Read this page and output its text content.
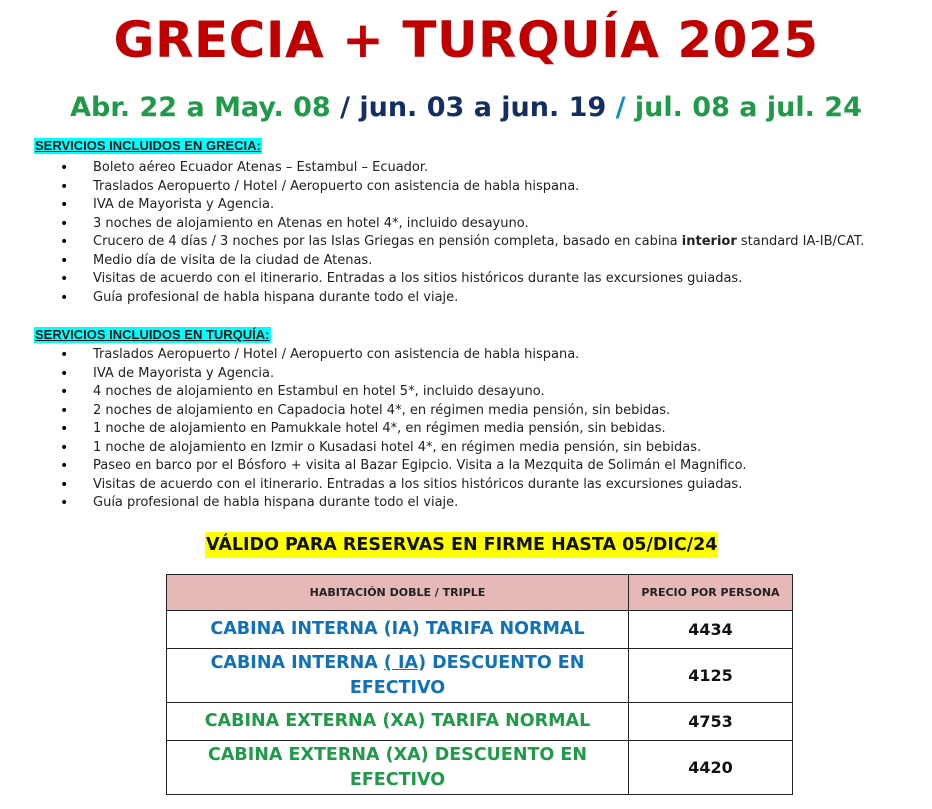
GRECIA + TURQUÍA 2025
Abr. 22 a May. 08 / jun. 03 a jun. 19 / jul. 08 a jul. 24
SERVICIOS INCLUIDOS EN GRECIA:
• Boleto aéreo Ecuador Atenas – Estambul – Ecuador.
• Traslados Aeropuerto / Hotel / Aeropuerto con asistencia de habla hispana.
• IVA de Mayorista y Agencia.
• 3 noches de alojamiento en Atenas en hotel 4*, incluido desayuno.
• Crucero de 4 días / 3 noches por las Islas Griegas en pensión completa, basado en cabina interior standard IA-IB/CAT.
• Medio día de visita de la ciudad de Atenas.
• Visitas de acuerdo con el itinerario. Entradas a los sitios históricos durante las excursiones guiadas.
• Guía profesional de habla hispana durante todo el viaje.
SERVICIOS INCLUIDOS EN TURQUÍA:
• Traslados Aeropuerto / Hotel / Aeropuerto con asistencia de habla hispana.
• IVA de Mayorista y Agencia.
• 4 noches de alojamiento en Estambul en hotel 5*, incluido desayuno.
• 2 noches de alojamiento en Capadocia hotel 4*, en régimen media pensión, sin bebidas.
• 1 noche de alojamiento en Pamukkale hotel 4*, en régimen media pensión, sin bebidas.
• 1 noche de alojamiento en Izmir o Kusadasi hotel 4*, en régimen media pensión, sin bebidas.
• Paseo en barco por el Bósforo + visita al Bazar Egipcio. Visita a la Mezquita de Solimán el Magnifico.
• Visitas de acuerdo con el itinerario. Entradas a los sitios históricos durante las excursiones guiadas.
• Guía profesional de habla hispana durante todo el viaje.
VÁLIDO PARA RESERVAS EN FIRME HASTA 05/DIC/24
HABITACIÓN DOBLE / TRIPLE	PRECIO POR PERSONA
CABINA INTERNA (IA) TARIFA NORMAL	4434
CABINA INTERNA ( IA) DESCUENTO EN EFECTIVO	4125
CABINA EXTERNA (XA) TARIFA NORMAL	4753
CABINA EXTERNA (XA) DESCUENTO EN EFECTIVO	4420
